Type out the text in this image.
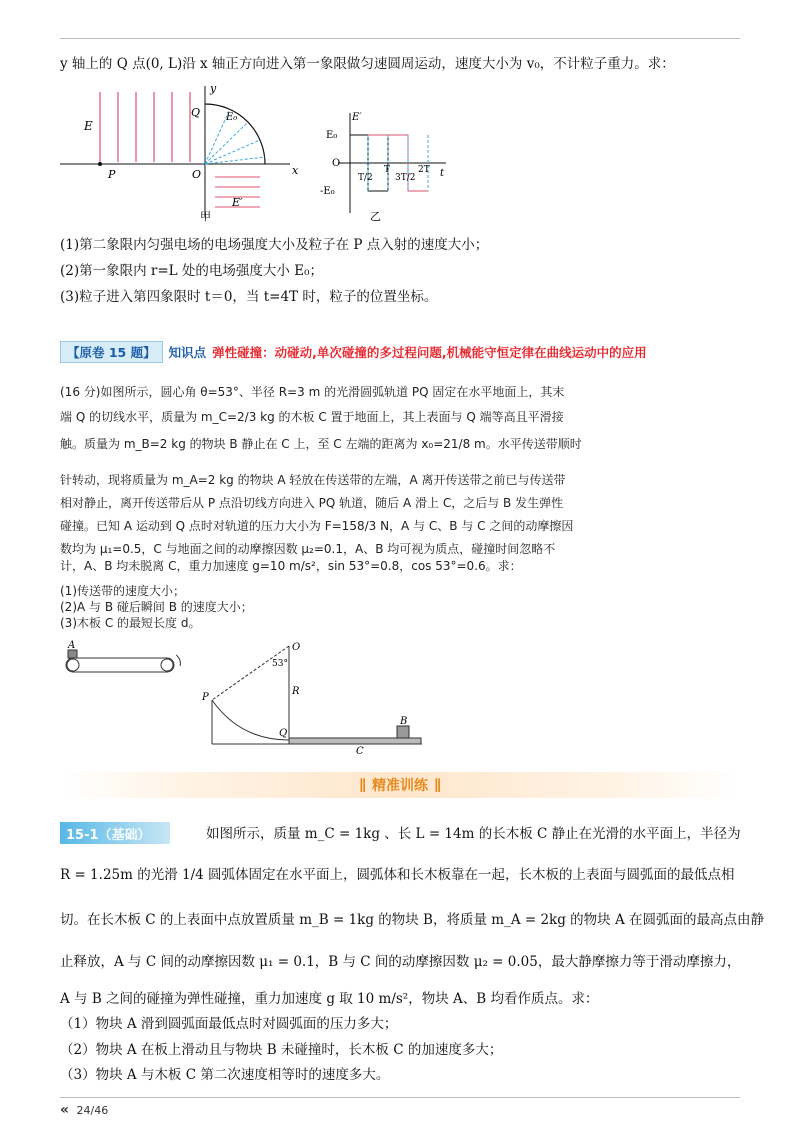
y 轴上的 Q 点(0, L)沿 x 轴正方向进入第一象限做匀速圆周运动，速度大小为 v₀，不计粒子重力。求：
E
y
Q	E₀
P	O	x
E′
甲
E′
E₀
O
-E₀
T/2
T
3T/2
2T t
乙
(1)第二象限内匀强电场的电场强度大小及粒子在 P 点入射的速度大小；
(2)第一象限内 r=L 处的电场强度大小 E₀；
(3)粒子进入第四象限时 t＝0，当 t=4T 时，粒子的位置坐标。
【原卷 15 题】	知识点 弹性碰撞：动碰动,单次碰撞的多过程问题,机械能守恒定律在曲线运动中的应用
(16 分)如图所示，圆心角 θ=53°、半径 R=3 m 的光滑圆弧轨道 PQ 固定在水平地面上，其末
端 Q 的切线水平，质量为 m_C=2/3 kg 的木板 C 置于地面上，其上表面与 Q 端等高且平滑接
触。质量为 m_B=2 kg 的物块 B 静止在 C 上，至 C 左端的距离为 x₀=21/8 m。水平传送带顺时
针转动，现将质量为 m_A=2 kg 的物块 A 轻放在传送带的左端，A 离开传送带之前已与传送带
相对静止，离开传送带后从 P 点沿切线方向进入 PQ 轨道，随后 A 滑上 C，之后与 B 发生弹性
碰撞。已知 A 运动到 Q 点时对轨道的压力大小为 F=158/3 N，A 与 C、B 与 C 之间的动摩擦因
数均为 μ₁=0.5，C 与地面之间的动摩擦因数 μ₂=0.1，A、B 均可视为质点，碰撞时间忽略不
计，A、B 均未脱离 C，重力加速度 g=10 m/s²，sin 53°=0.8，cos 53°=0.6。求：
(1)传送带的速度大小；
(2)A 与 B 碰后瞬间 B 的速度大小；
(3)木板 C 的最短长度 d。
A	O
53°
R
P
Q
B
C
∥ 精准训练 ∥
15-1（基础）	如图所示，质量 m_C = 1kg 、长 L = 14m 的长木板 C 静止在光滑的水平面上，半径为
R = 1.25m 的光滑 1/4 圆弧体固定在水平面上，圆弧体和长木板靠在一起，长木板的上表面与圆弧面的最低点相
切。在长木板 C 的上表面中点放置质量 m_B = 1kg 的物块 B，将质量 m_A = 2kg 的物块 A 在圆弧面的最高点由静
止释放，A 与 C 间的动摩擦因数 μ₁ = 0.1，B 与 C 间的动摩擦因数 μ₂ = 0.05，最大静摩擦力等于滑动摩擦力，
A 与 B 之间的碰撞为弹性碰撞，重力加速度 g 取 10 m/s²，物块 A、B 均看作质点。求：
（1）物块 A 滑到圆弧面最低点时对圆弧面的压力多大；
（2）物块 A 在板上滑动且与物块 B 未碰撞时，长木板 C 的加速度多大；
（3）物块 A 与木板 C 第二次速度相等时的速度多大。
« 24/46
